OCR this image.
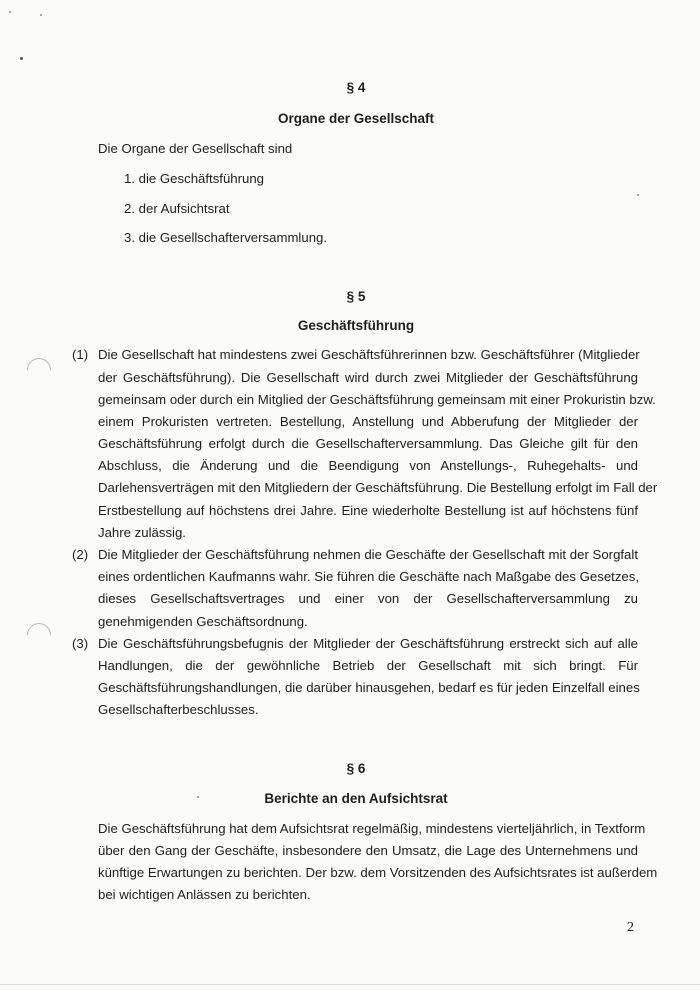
§ 4
Organe der Gesellschaft
Die Organe der Gesellschaft sind
1. die Geschäftsführung
2. der Aufsichtsrat
3. die Gesellschafterversammlung.
§ 5
Geschäftsführung
(1) Die Gesellschaft hat mindestens zwei Geschäftsführerinnen bzw. Geschäftsführer (Mitglieder
der Geschäftsführung). Die Gesellschaft wird durch zwei Mitglieder der Geschäftsführung
gemeinsam oder durch ein Mitglied der Geschäftsführung gemeinsam mit einer Prokuristin bzw.
einem Prokuristen vertreten. Bestellung, Anstellung und Abberufung der Mitglieder der
Geschäftsführung erfolgt durch die Gesellschafterversammlung. Das Gleiche gilt für den
Abschluss, die Änderung und die Beendigung von Anstellungs-, Ruhegehalts- und
Darlehensverträgen mit den Mitgliedern der Geschäftsführung. Die Bestellung erfolgt im Fall der
Erstbestellung auf höchstens drei Jahre. Eine wiederholte Bestellung ist auf höchstens fünf
Jahre zulässig.
(2) Die Mitglieder der Geschäftsführung nehmen die Geschäfte der Gesellschaft mit der Sorgfalt
eines ordentlichen Kaufmanns wahr. Sie führen die Geschäfte nach Maßgabe des Gesetzes,
dieses Gesellschaftsvertrages und einer von der Gesellschafterversammlung zu
genehmigenden Geschäftsordnung.
(3) Die Geschäftsführungsbefugnis der Mitglieder der Geschäftsführung erstreckt sich auf alle
Handlungen, die der gewöhnliche Betrieb der Gesellschaft mit sich bringt. Für
Geschäftsführungshandlungen, die darüber hinausgehen, bedarf es für jeden Einzelfall eines
Gesellschafterbeschlusses.
§ 6
Berichte an den Aufsichtsrat
Die Geschäftsführung hat dem Aufsichtsrat regelmäßig, mindestens vierteljährlich, in Textform
über den Gang der Geschäfte, insbesondere den Umsatz, die Lage des Unternehmens und
künftige Erwartungen zu berichten. Der bzw. dem Vorsitzenden des Aufsichtsrates ist außerdem
bei wichtigen Anlässen zu berichten.
2
